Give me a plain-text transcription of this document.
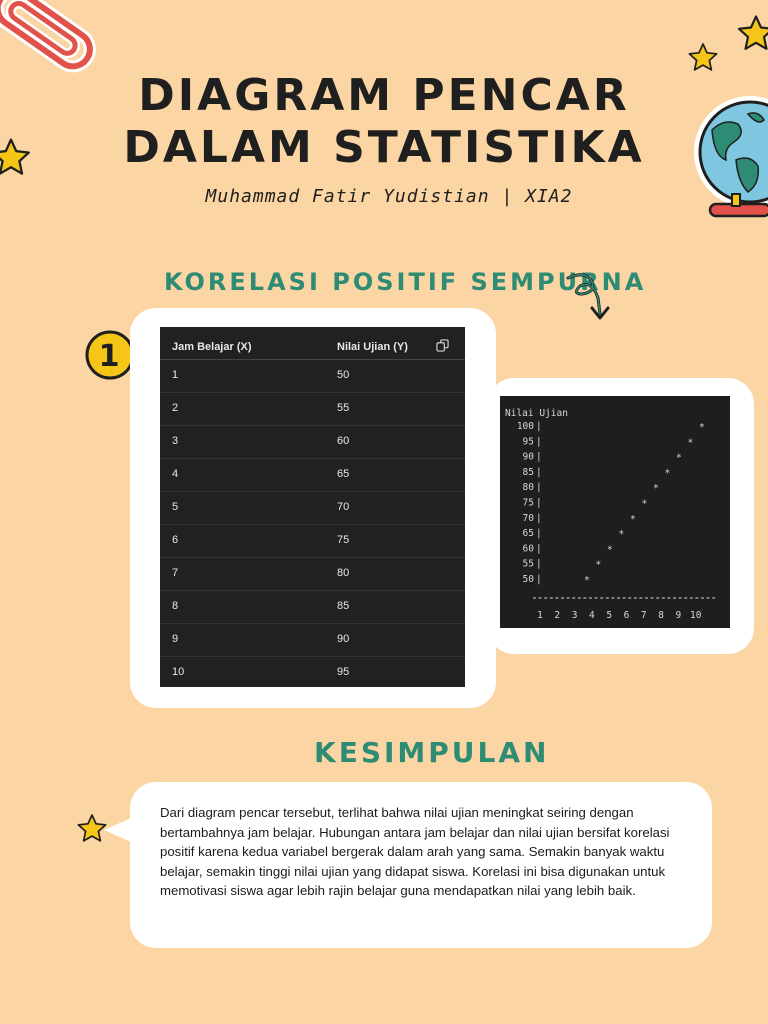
DIAGRAM PENCAR
DALAM STATISTIKA
Muhammad Fatir Yudistian | XIA2
KORELASI POSITIF SEMPURNA
1	Jam Belajar (X)	Nilai Ujian (Y)
1	50
2	55
3	60
4	65
5	70
6	75
7	80
8	85
9	90
10	95
Nilai Ujian
100 |
95 |
90 |
85 |
80 |
75 |
70 |
65 |
60 |
55 |
50 |	*
*
*
*
*
*
*
*
*
*
*
1 2 3 4 5 6 7 8 9 10
KESIMPULAN
Dari diagram pencar tersebut, terlihat bahwa nilai ujian meningkat seiring dengan bertambahnya jam belajar. Hubungan antara jam belajar dan nilai ujian bersifat korelasi positif karena kedua variabel bergerak dalam arah yang sama. Semakin banyak waktu belajar, semakin tinggi nilai ujian yang didapat siswa. Korelasi ini bisa digunakan untuk memotivasi siswa agar lebih rajin belajar guna mendapatkan nilai yang lebih baik.
